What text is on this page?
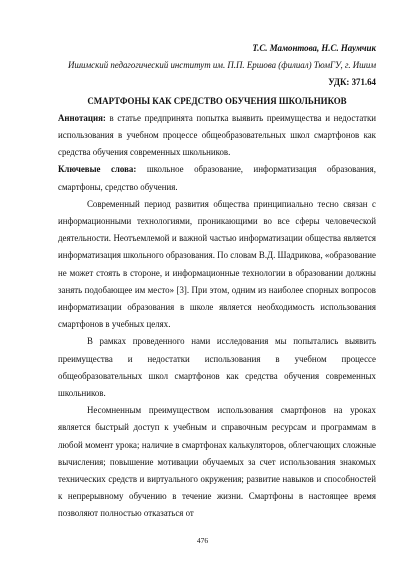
Т.С. Мамонтова, Н.С. Наумчик
Ишимский педагогический институт им. П.П. Ершова (филиал) ТюмГУ, г. Ишим
УДК: 371.64
СМАРТФОНЫ КАК СРЕДСТВО ОБУЧЕНИЯ ШКОЛЬНИКОВ
Аннотация: в статье предпринята попытка выявить преимущества и недостатки использования в учебном процессе общеобразовательных школ смартфонов как средства обучения современных школьников.
Ключевые слова: школьное образование, информатизация образования, смартфоны, средство обучения.
Современный период развития общества принципиально тесно связан с информационными технологиями, проникающими во все сферы человеческой деятельности. Неотъемлемой и важной частью информатизации общества является информатизация школьного образования. По словам В.Д. Шадрикова, «образование не может стоять в стороне, и информационные технологии в образовании должны занять подобающее им место» [3]. При этом, одним из наиболее спорных вопросов информатизации образования в школе является необходимость использования смартфонов в учебных целях.
В рамках проведенного нами исследования мы попытались выявить преимущества и недостатки использования в учебном процессе общеобразовательных школ смартфонов как средства обучения современных школьников.
Несомненным преимуществом использования смартфонов на уроках является быстрый доступ к учебным и справочным ресурсам и программам в любой момент урока; наличие в смартфонах калькуляторов, облегчающих сложные вычисления; повышение мотивации обучаемых за счет использования знакомых технических средств и виртуального окружения; развитие навыков и способностей к непрерывному обучению в течение жизни. Смартфоны в настоящее время позволяют полностью отказаться от
476
